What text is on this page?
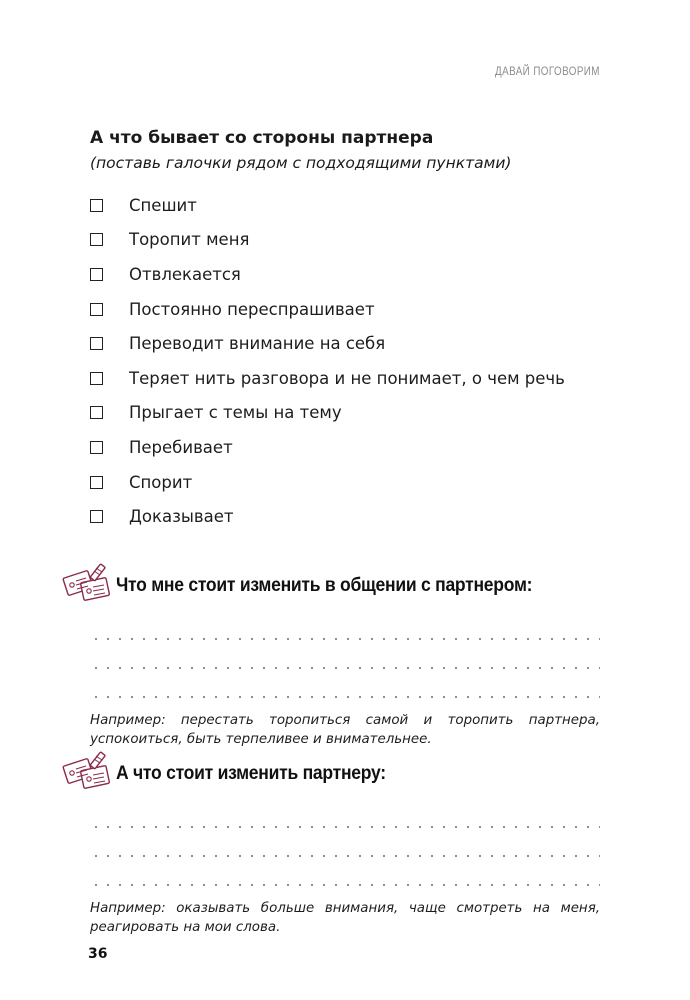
ДАВАЙ ПОГОВОРИМ
А что бывает со стороны партнера
(поставь галочки рядом с подходящими пунктами)
Спешит
Торопит меня
Отвлекается
Постоянно переспрашивает
Переводит внимание на себя
Теряет нить разговора и не понимает, о чем речь
Прыгает с темы на тему
Перебивает
Спорит
Доказывает
Что мне стоит изменить в общении с партнером:
Например: перестать торопиться самой и торопить партнера, успокоиться, быть терпеливее и внимательнее.
А что стоит изменить партнеру:
Например: оказывать больше внимания, чаще смотреть на меня, реагировать на мои слова.
36
